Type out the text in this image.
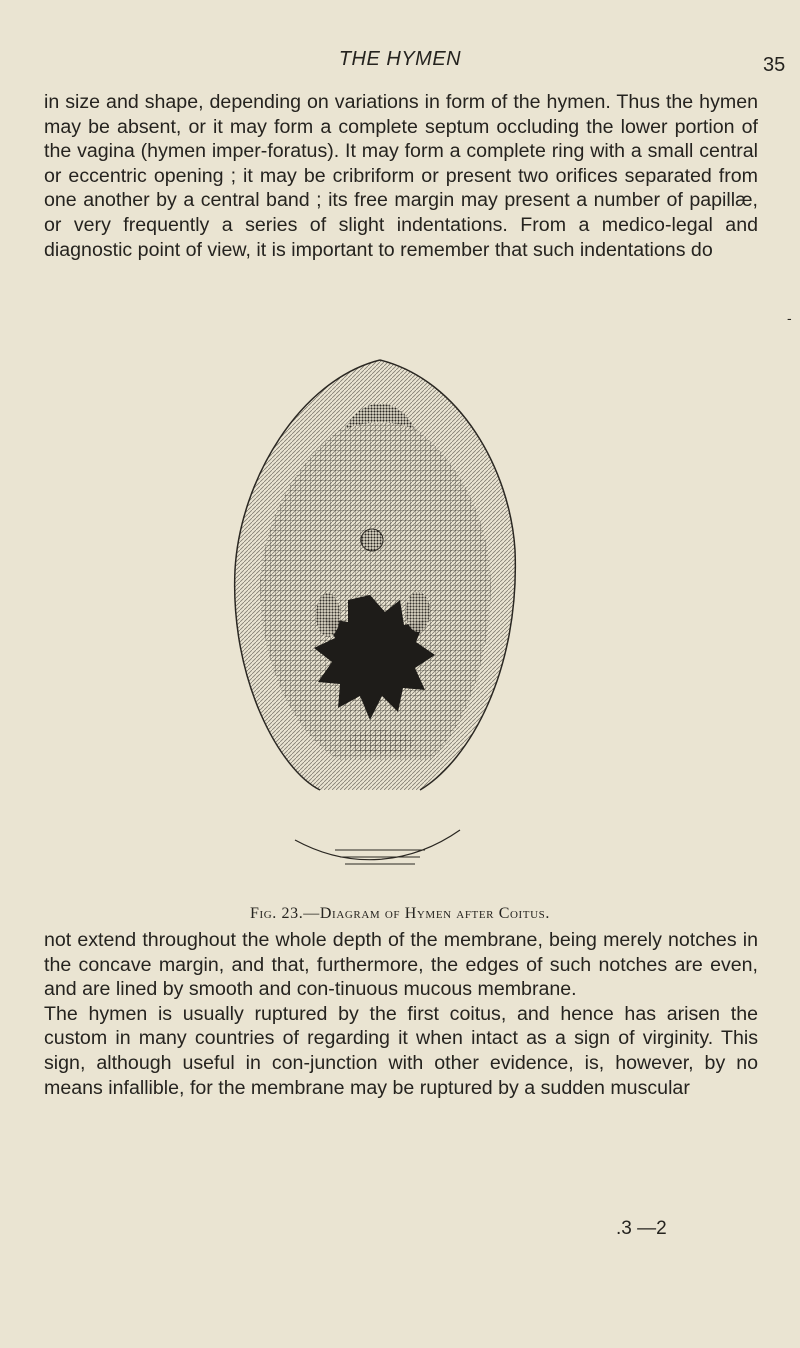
THE HYMEN	35

in size and shape, depending on variations in form of the hymen. Thus the hymen may be absent, or it may form a complete septum occluding the lower portion of the vagina (hymen imper-foratus). It may form a complete ring with a small central or eccentric opening ; it may be cribriform or present two orifices separated from one another by a central band ; its free margin may present a number of papillæ, or very frequently a series of slight indentations. From a medico-legal and diagnostic point of view, it is important to remember that such indentations do

-
Fig. 23.—Diagram of Hymen after Coitus.

not extend throughout the whole depth of the membrane, being merely notches in the concave margin, and that, furthermore, the edges of such notches are even, and are lined by smooth and con-tinuous mucous membrane.

The hymen is usually ruptured by the first coitus, and hence has arisen the custom in many countries of regarding it when intact as a sign of virginity. This sign, although useful in con-junction with other evidence, is, however, by no means infallible, for the membrane may be ruptured by a sudden muscular

.3 —2
